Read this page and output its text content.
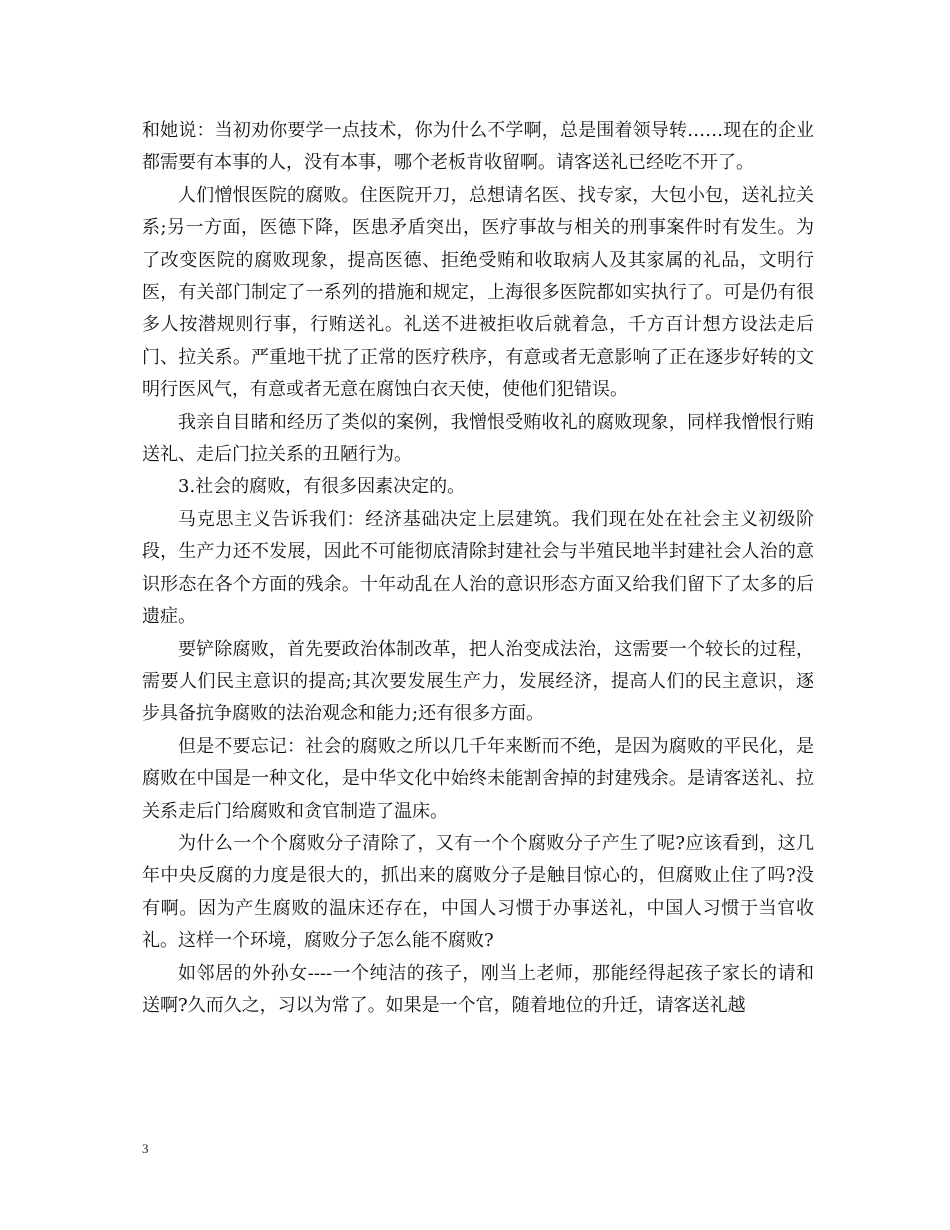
和她说：当初劝你要学一点技术，你为什么不学啊，总是围着领导转……现在的企业都需要有本事的人，没有本事，哪个老板肯收留啊。请客送礼已经吃不开了。

人们憎恨医院的腐败。住医院开刀，总想请名医、找专家，大包小包，送礼拉关系;另一方面，医德下降，医患矛盾突出，医疗事故与相关的刑事案件时有发生。为了改变医院的腐败现象，提高医德、拒绝受贿和收取病人及其家属的礼品，文明行医，有关部门制定了一系列的措施和规定，上海很多医院都如实执行了。可是仍有很多人按潜规则行事，行贿送礼。礼送不进被拒收后就着急，千方百计想方设法走后门、拉关系。严重地干扰了正常的医疗秩序，有意或者无意影响了正在逐步好转的文明行医风气，有意或者无意在腐蚀白衣天使，使他们犯错误。

我亲自目睹和经历了类似的案例，我憎恨受贿收礼的腐败现象，同样我憎恨行贿送礼、走后门拉关系的丑陋行为。

3.社会的腐败，有很多因素决定的。

马克思主义告诉我们：经济基础决定上层建筑。我们现在处在社会主义初级阶段，生产力还不发展，因此不可能彻底清除封建社会与半殖民地半封建社会人治的意识形态在各个方面的残余。十年动乱在人治的意识形态方面又给我们留下了太多的后遗症。

要铲除腐败，首先要政治体制改革，把人治变成法治，这需要一个较长的过程，需要人们民主意识的提高;其次要发展生产力，发展经济，提高人们的民主意识，逐步具备抗争腐败的法治观念和能力;还有很多方面。

但是不要忘记：社会的腐败之所以几千年来断而不绝，是因为腐败的平民化，是腐败在中国是一种文化，是中华文化中始终未能割舍掉的封建残余。是请客送礼、拉关系走后门给腐败和贪官制造了温床。

为什么一个个腐败分子清除了，又有一个个腐败分子产生了呢?应该看到，这几年中央反腐的力度是很大的，抓出来的腐败分子是触目惊心的，但腐败止住了吗?没有啊。因为产生腐败的温床还存在，中国人习惯于办事送礼，中国人习惯于当官收礼。这样一个环境，腐败分子怎么能不腐败?

如邻居的外孙女----一个纯洁的孩子，刚当上老师，那能经得起孩子家长的请和送啊?久而久之，习以为常了。如果是一个官，随着地位的升迁，请客送礼越

3
